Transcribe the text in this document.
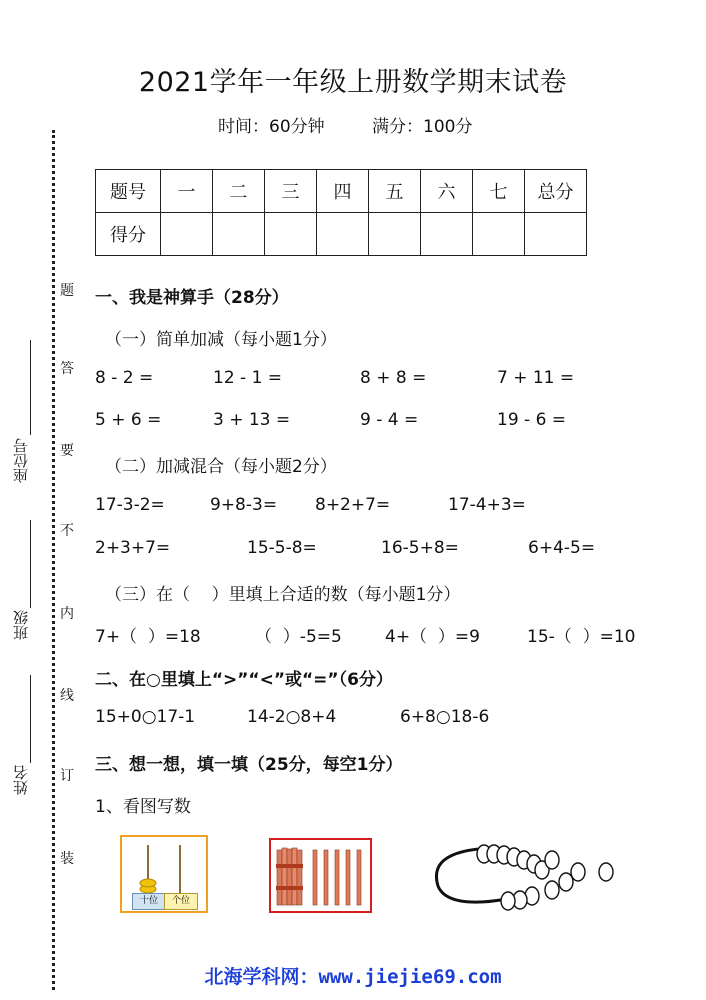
2021学年一年级上册数学期末试卷
时间：60分钟	满分：100分
题
答
要
不
内
线
订
装
座位号
班级
姓名
题号	一	二	三	四	五	六	七	总分
得分								
一、我是神算手（28分）
（一）简单加减（每小题1分）
8 - 2 =	12 - 1 =	8 + 8 =	7 + 11 =
5 + 6 =	3 + 13 =	9 - 4 =	19 - 6 =
（二）加减混合（每小题2分）
17-3-2=	9+8-3= 8+2+7=	17-4+3=
2+3+7=	15-5-8=	16-5+8=	6+4-5=
（三）在（    ）里填上合适的数（每小题1分）
7+（  ）=18	（  ）-5=5	4+（  ）=9	15-（  ）=10
二、在○里填上“>”“<”或“=”（6分）
15+0○17-1	14-2○8+4	6+8○18-6
三、想一想，填一填（25分，每空1分）
1、看图写数
十位	个位
北海学科网：www.jiejie69.com
